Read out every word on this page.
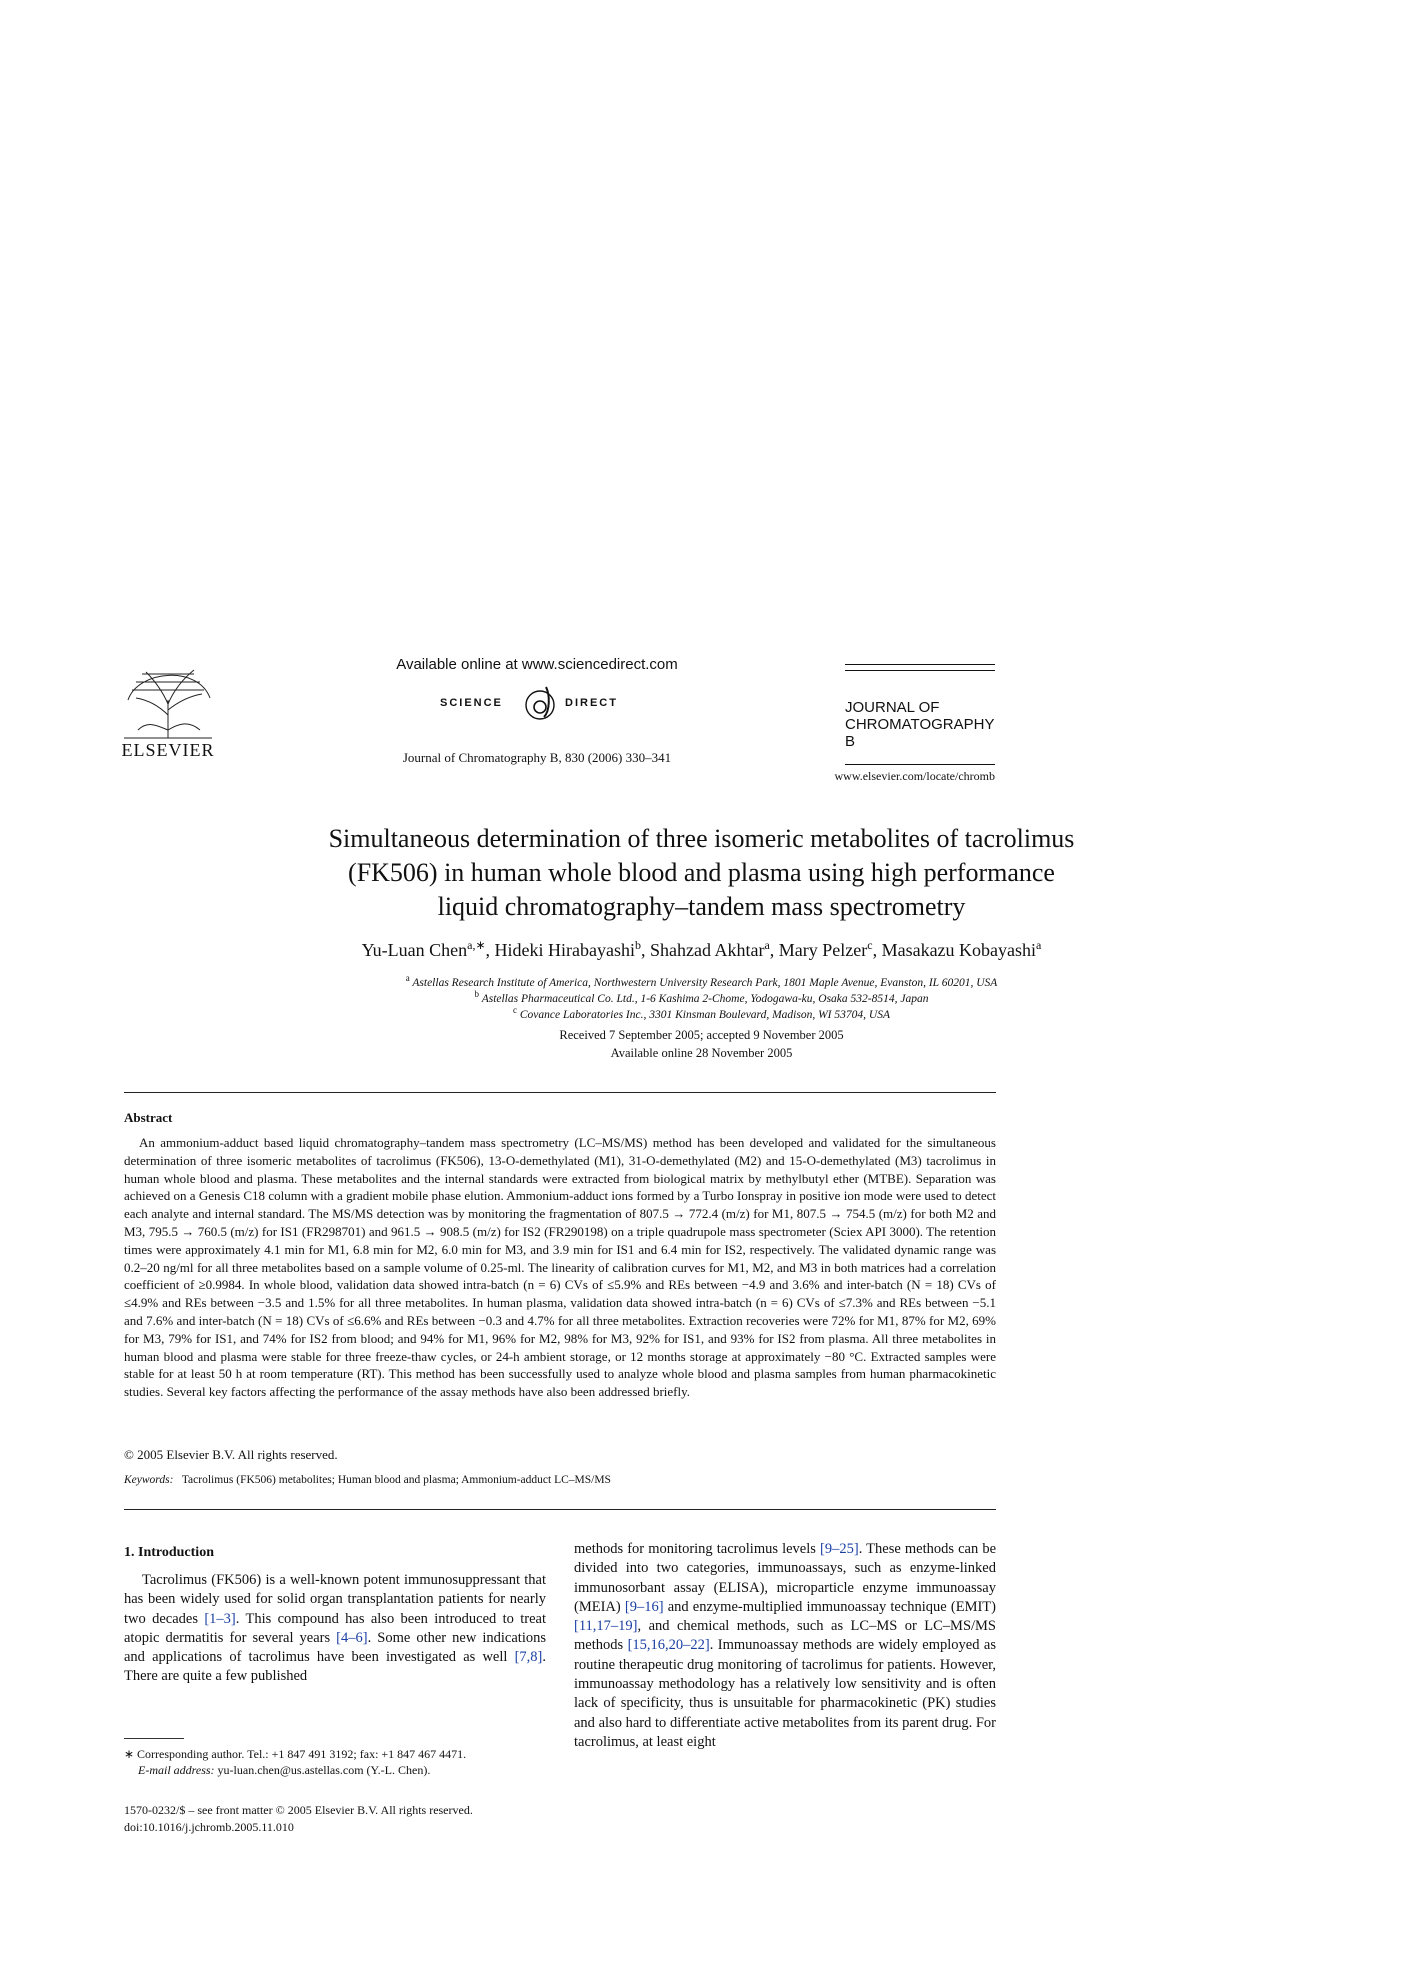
ELSEVIER
Available online at www.sciencedirect.com
SCIENCE	DIRECT
Journal of Chromatography B, 830 (2006) 330–341
JOURNAL OF
CHROMATOGRAPHY B
www.elsevier.com/locate/chromb
Simultaneous determination of three isomeric metabolites of tacrolimus
(FK506) in human whole blood and plasma using high performance
liquid chromatography–tandem mass spectrometry
Yu-Luan Chen$^{a,∗}$, Hideki Hirabayashi$^b$, Shahzad Akhtar$^a$, Mary Pelzer$^c$, Masakazu Kobayashi$^a$
$^a$ Astellas Research Institute of America, Northwestern University Research Park, 1801 Maple Avenue, Evanston, IL 60201, USA
$^b$ Astellas Pharmaceutical Co. Ltd., 1-6 Kashima 2-Chome, Yodogawa-ku, Osaka 532-8514, Japan
$^c$ Covance Laboratories Inc., 3301 Kinsman Boulevard, Madison, WI 53704, USA
Received 7 September 2005; accepted 9 November 2005
Available online 28 November 2005
Abstract
An ammonium-adduct based liquid chromatography–tandem mass spectrometry (LC–MS/MS) method has been developed and validated for the simultaneous determination of three isomeric metabolites of tacrolimus (FK506), 13-O-demethylated (M1), 31-O-demethylated (M2) and 15-O-demethylated (M3) tacrolimus in human whole blood and plasma. These metabolites and the internal standards were extracted from biological matrix by methylbutyl ether (MTBE). Separation was achieved on a Genesis C18 column with a gradient mobile phase elution. Ammonium-adduct ions formed by a Turbo Ionspray in positive ion mode were used to detect each analyte and internal standard. The MS/MS detection was by monitoring the fragmentation of 807.5 → 772.4 (m/z) for M1, 807.5 → 754.5 (m/z) for both M2 and M3, 795.5 → 760.5 (m/z) for IS1 (FR298701) and 961.5 → 908.5 (m/z) for IS2 (FR290198) on a triple quadrupole mass spectrometer (Sciex API 3000). The retention times were approximately 4.1 min for M1, 6.8 min for M2, 6.0 min for M3, and 3.9 min for IS1 and 6.4 min for IS2, respectively. The validated dynamic range was 0.2–20 ng/ml for all three metabolites based on a sample volume of 0.25-ml. The linearity of calibration curves for M1, M2, and M3 in both matrices had a correlation coefficient of ≥0.9984. In whole blood, validation data showed intra-batch (n = 6) CVs of ≤5.9% and REs between −4.9 and 3.6% and inter-batch (N = 18) CVs of ≤4.9% and REs between −3.5 and 1.5% for all three metabolites. In human plasma, validation data showed intra-batch (n = 6) CVs of ≤7.3% and REs between −5.1 and 7.6% and inter-batch (N = 18) CVs of ≤6.6% and REs between −0.3 and 4.7% for all three metabolites. Extraction recoveries were 72% for M1, 87% for M2, 69% for M3, 79% for IS1, and 74% for IS2 from blood; and 94% for M1, 96% for M2, 98% for M3, 92% for IS1, and 93% for IS2 from plasma. All three metabolites in human blood and plasma were stable for three freeze-thaw cycles, or 24-h ambient storage, or 12 months storage at approximately −80 °C. Extracted samples were stable for at least 50 h at room temperature (RT). This method has been successfully used to analyze whole blood and plasma samples from human pharmacokinetic studies. Several key factors affecting the performance of the assay methods have also been addressed briefly.
© 2005 Elsevier B.V. All rights reserved.
Keywords: Tacrolimus (FK506) metabolites; Human blood and plasma; Ammonium-adduct LC–MS/MS
1. Introduction
Tacrolimus (FK506) is a well-known potent immunosuppressant that has been widely used for solid organ transplantation patients for nearly two decades [1–3]. This compound has also been introduced to treat atopic dermatitis for several years [4–6]. Some other new indications and applications of tacrolimus have been investigated as well [7,8]. There are quite a few published
methods for monitoring tacrolimus levels [9–25]. These methods can be divided into two categories, immunoassays, such as enzyme-linked immunosorbant assay (ELISA), microparticle enzyme immunoassay (MEIA) [9–16] and enzyme-multiplied immunoassay technique (EMIT) [11,17–19], and chemical methods, such as LC–MS or LC–MS/MS methods [15,16,20–22]. Immunoassay methods are widely employed as routine therapeutic drug monitoring of tacrolimus for patients. However, immunoassay methodology has a relatively low sensitivity and is often lack of specificity, thus is unsuitable for pharmacokinetic (PK) studies and also hard to differentiate active metabolites from its parent drug. For tacrolimus, at least eight
∗ Corresponding author. Tel.: +1 847 491 3192; fax: +1 847 467 4471.
E-mail address: yu-luan.chen@us.astellas.com (Y.-L. Chen).
1570-0232/$ – see front matter © 2005 Elsevier B.V. All rights reserved.
doi:10.1016/j.jchromb.2005.11.010
